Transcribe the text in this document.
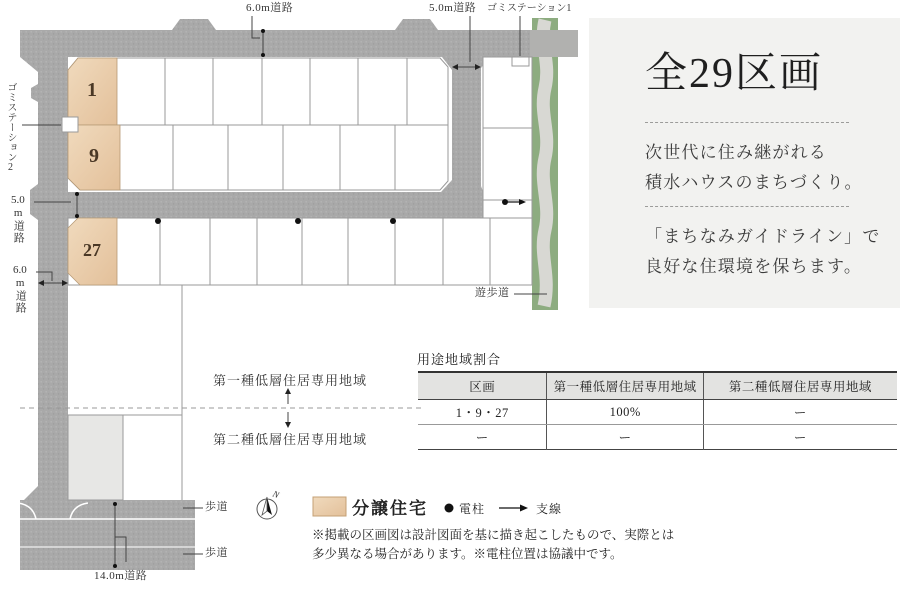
N
6.0m道路	5.0m道路 ゴミステーション1
ゴミステーション2
5.0
m道路
6.0
m道路	遊歩道
歩道
歩道
14.0m道路
第一種低層住居専用地域
第二種低層住居専用地域
1
9
27
全29区画
次世代に住み継がれる
積水ハウスのまちづくり。
「まちなみガイドライン」で
良好な住環境を保ちます。
用途地域割合
区画	第一種低層住居専用地域	第二種低層住居専用地域
1・9・27	100%	ー
ー	ー	ー
分譲住宅	電柱	支線
※掲載の区画図は設計図面を基に描き起こしたもので、実際とは
多少異なる場合があります。※電柱位置は協議中です。
